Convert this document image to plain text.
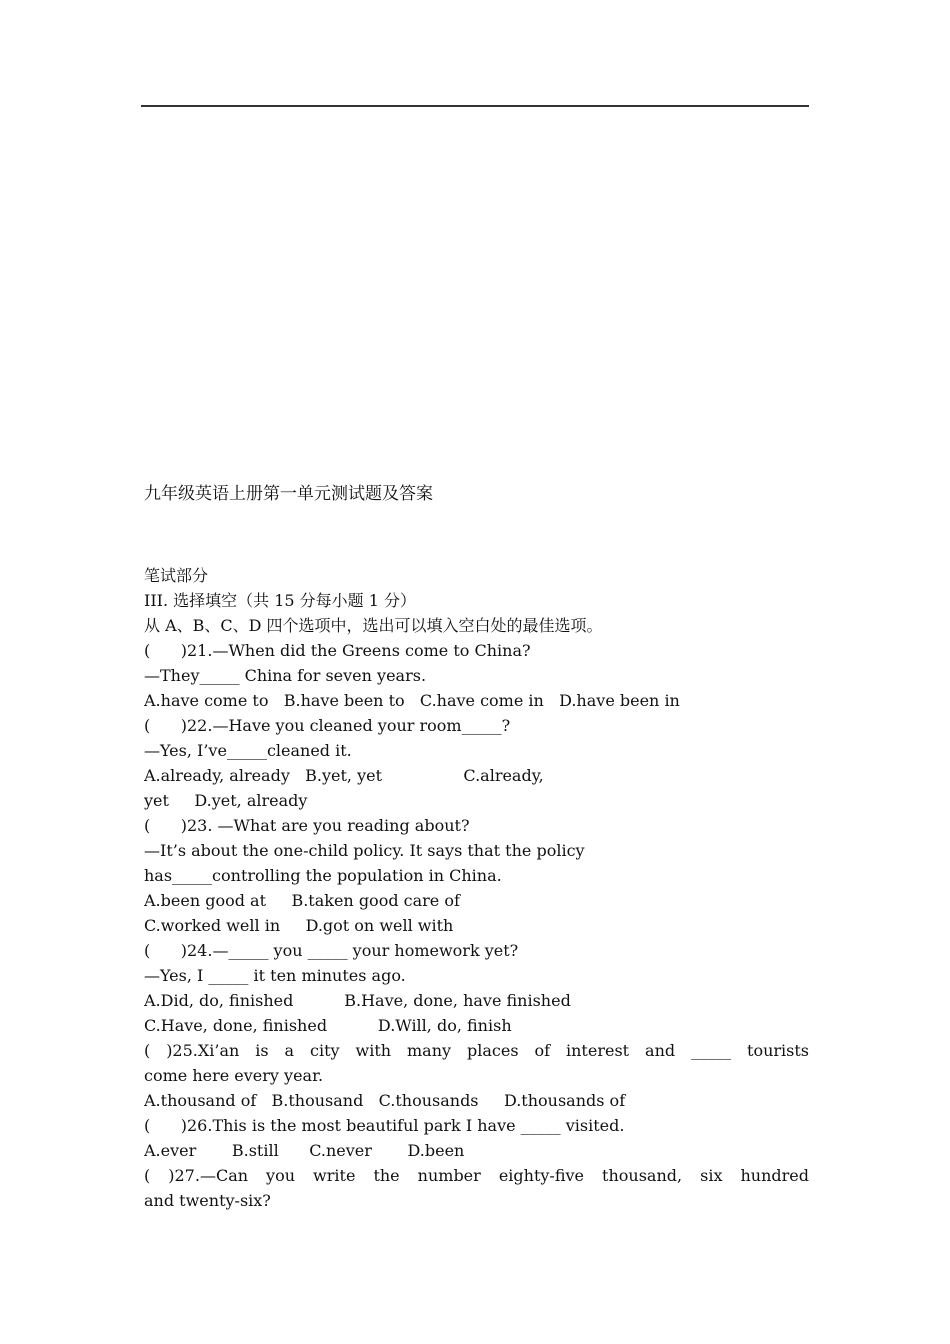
九年级英语上册第一单元测试题及答案
笔试部分
III. 选择填空（共 15 分每小题 1 分）
从 A、B、C、D 四个选项中，选出可以填入空白处的最佳选项。
(      )21.—When did the Greens come to China?
—They_____ China for seven years.
A.have come to   B.have been to   C.have come in   D.have been in
(      )22.—Have you cleaned your room_____?
—Yes, I’ve_____cleaned it.
A.already, already   B.yet, yet                C.already,
yet     D.yet, already
(      )23. —What are you reading about?
—It’s about the one-child policy. It says that the policy
has_____controlling the population in China.
A.been good at     B.taken good care of
C.worked well in     D.got on well with
(      )24.—_____ you _____ your homework yet?
—Yes, I _____ it ten minutes ago.
A.Did, do, finished          B.Have, done, have finished
C.Have, done, finished          D.Will, do, finish
( )25.Xi’an is a city with many places of interest and _____ tourists
come here every year.
A.thousand of   B.thousand   C.thousands     D.thousands of
(      )26.This is the most beautiful park I have _____ visited.
A.ever       B.still      C.never       D.been
( )27.—Can you write the number eighty-five thousand, six hundred
and twenty-six?
